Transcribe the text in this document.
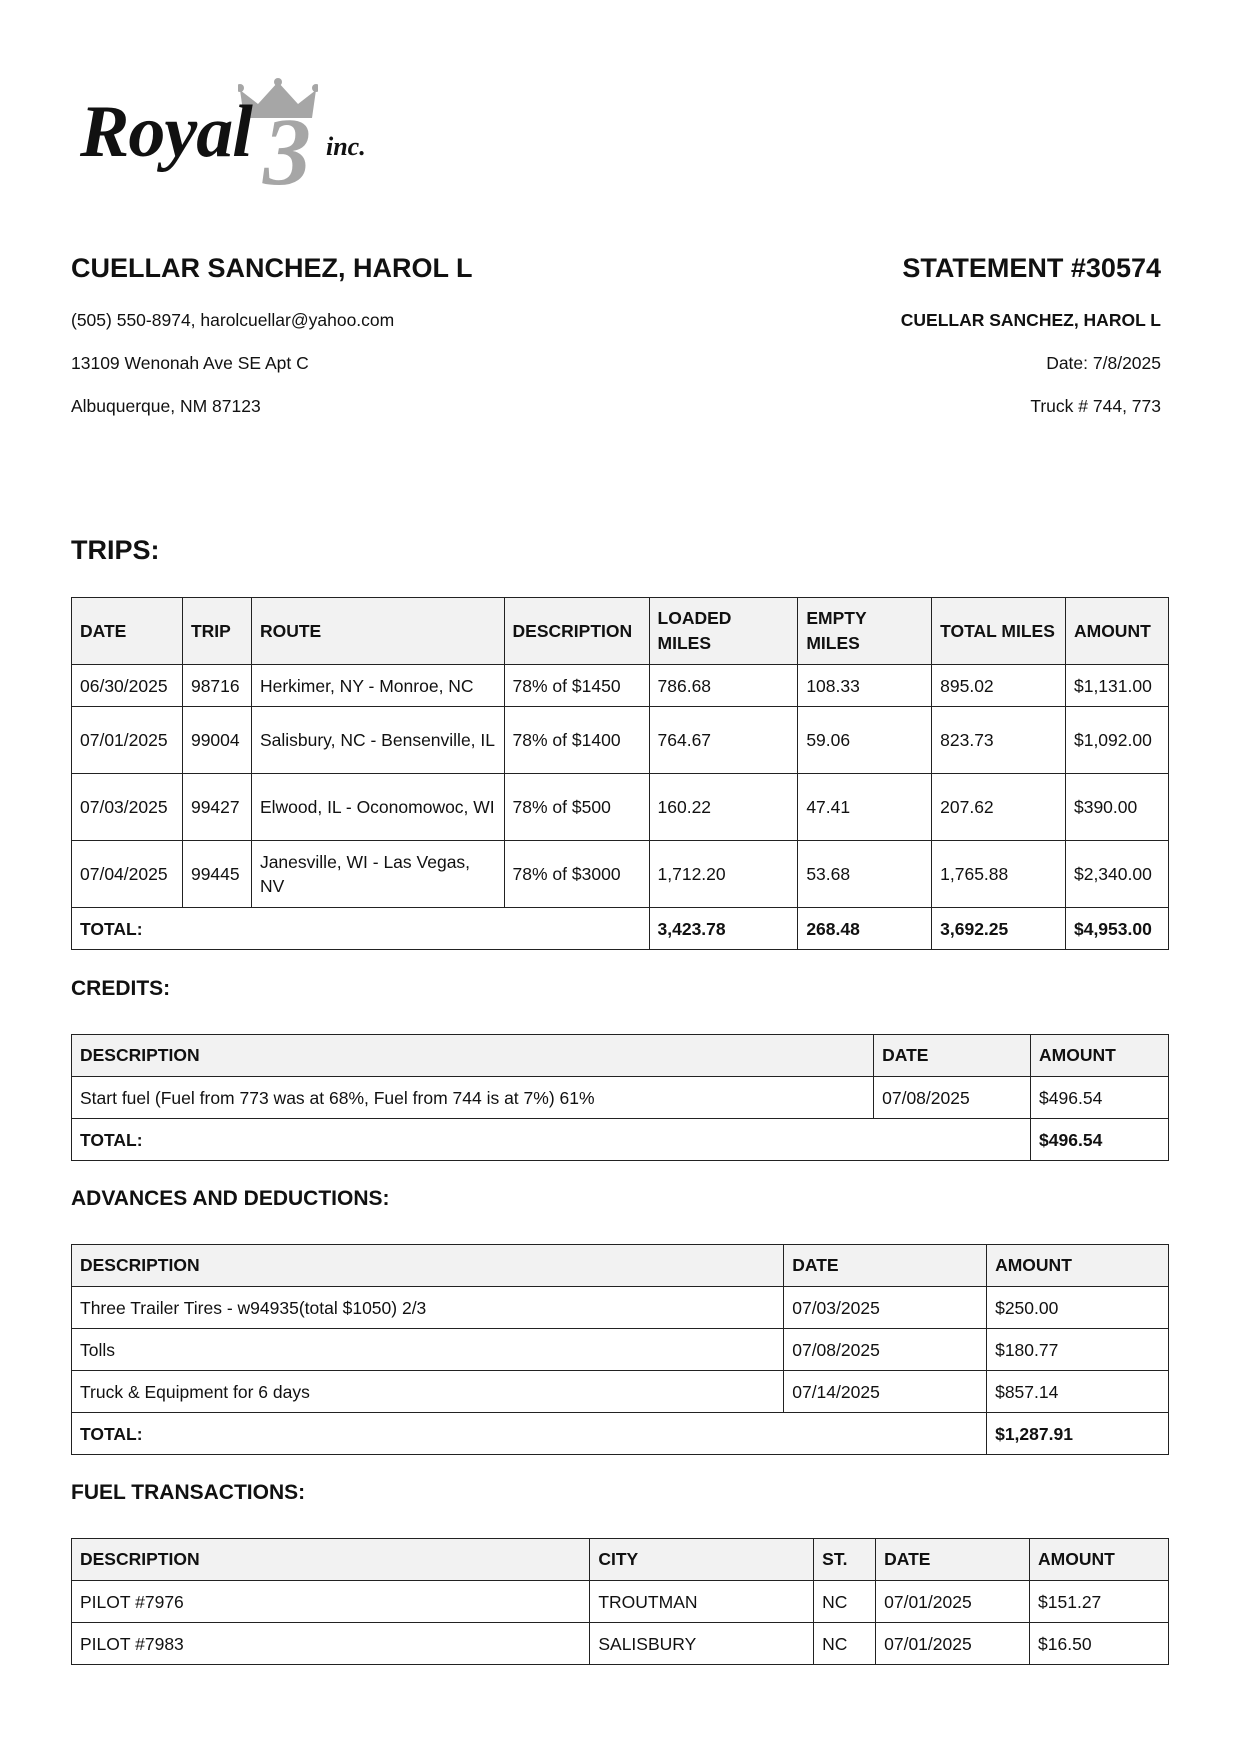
3
Royal	inc.
CUELLAR SANCHEZ, HAROL L
(505) 550-8974, harolcuellar@yahoo.com
13109 Wenonah Ave SE Apt C
Albuquerque, NM 87123
STATEMENT #30574
CUELLAR SANCHEZ, HAROL L
Date: 7/8/2025
Truck # 744, 773
TRIPS:
DATE	TRIP	ROUTE	DESCRIPTION	LOADED MILES	EMPTY MILES	TOTAL MILES	AMOUNT
06/30/2025	98716	Herkimer, NY - Monroe, NC	78% of $1450	786.68	108.33	895.02	$1,131.00
07/01/2025	99004	Salisbury, NC - Bensenville, IL	78% of $1400	764.67	59.06	823.73	$1,092.00
07/03/2025	99427	Elwood, IL - Oconomowoc, WI	78% of $500	160.22	47.41	207.62	$390.00
07/04/2025	99445	Janesville, WI - Las Vegas, NV	78% of $3000	1,712.20	53.68	1,765.88	$2,340.00
TOTAL:				3,423.78	268.48	3,692.25	$4,953.00
CREDITS:
DESCRIPTION	DATE	AMOUNT
Start fuel (Fuel from 773 was at 68%, Fuel from 744 is at 7%) 61%	07/08/2025	$496.54
TOTAL:		$496.54
ADVANCES AND DEDUCTIONS:
DESCRIPTION	DATE	AMOUNT
Three Trailer Tires - w94935(total $1050) 2/3	07/03/2025	$250.00
Tolls	07/08/2025	$180.77
Truck & Equipment for 6 days	07/14/2025	$857.14
TOTAL:		$1,287.91
FUEL TRANSACTIONS:
DESCRIPTION	CITY	ST.	DATE	AMOUNT
PILOT #7976	TROUTMAN	NC	07/01/2025	$151.27
PILOT #7983	SALISBURY	NC	07/01/2025	$16.50
